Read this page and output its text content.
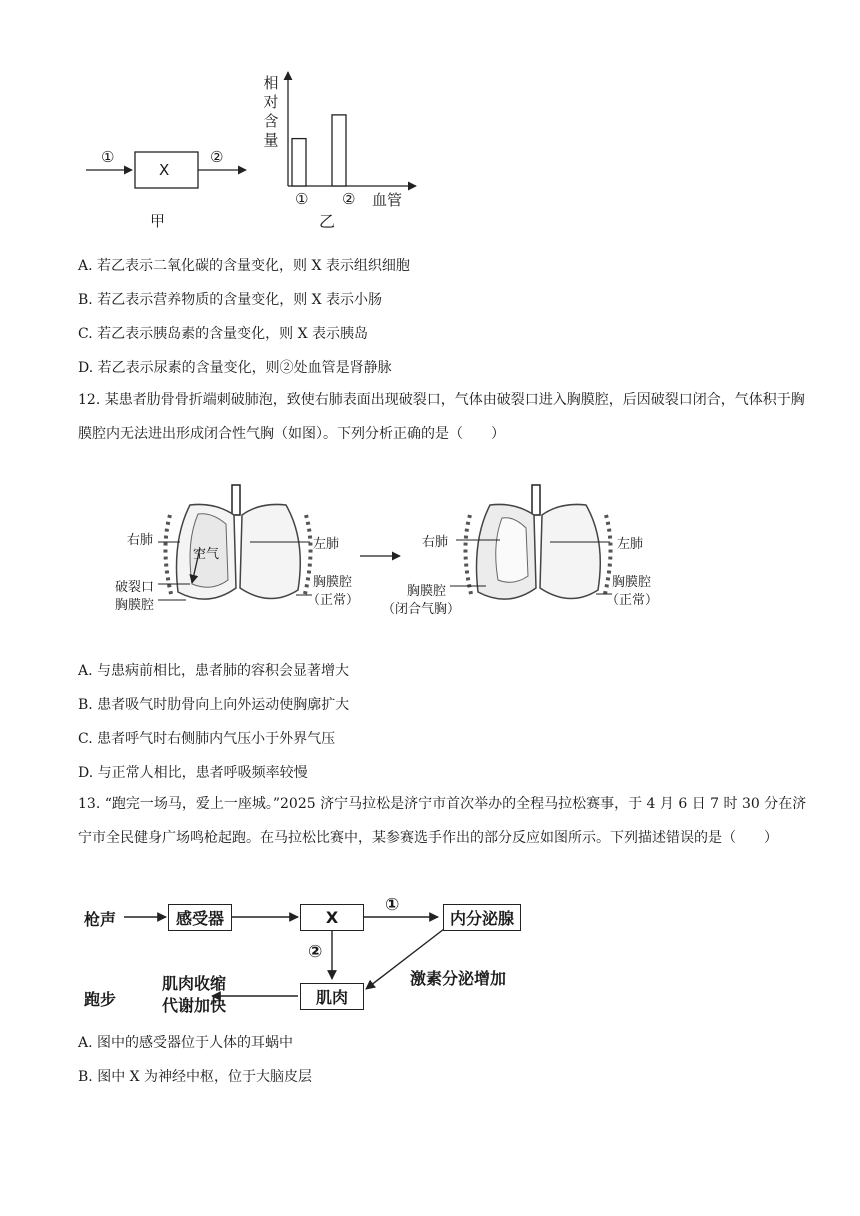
①
X
②
甲
相
对
含
量
① ② 血管
乙
A. 若乙表示二氧化碳的含量变化，则 X 表示组织细胞
B. 若乙表示营养物质的含量变化，则 X 表示小肠
C. 若乙表示胰岛素的含量变化，则 X 表示胰岛
D. 若乙表示尿素的含量变化，则②处血管是肾静脉
12. 某患者肋骨骨折端刺破肺泡，致使右肺表面出现破裂口，气体由破裂口进入胸膜腔，后因破裂口闭合，气体积于胸膜腔内无法进出形成闭合性气胸（如图）。下列分析正确的是（　　）
右肺
空气
左肺
破裂口
胸膜腔
胸膜腔
（正常）
右肺	左肺
胸膜腔
（闭合气胸）
胸膜腔
（正常）
A. 与患病前相比，患者肺的容积会显著增大
B. 患者吸气时肋骨向上向外运动使胸廓扩大
C. 患者呼气时右侧肺内气压小于外界气压
D. 与正常人相比，患者呼吸频率较慢
13. “跑完一场马，爱上一座城。”2025 济宁马拉松是济宁市首次举办的全程马拉松赛事，于 4 月 6 日 7 时 30 分在济宁市全民健身广场鸣枪起跑。在马拉松比赛中，某参赛选手作出的部分反应如图所示。下列描述错误的是（　　）
枪声	感受器	X
①
内分泌腺
②
激素分泌增加
肌肉
肌肉收缩
代谢加快
跑步
A. 图中的感受器位于人体的耳蜗中
B. 图中 X 为神经中枢，位于大脑皮层
